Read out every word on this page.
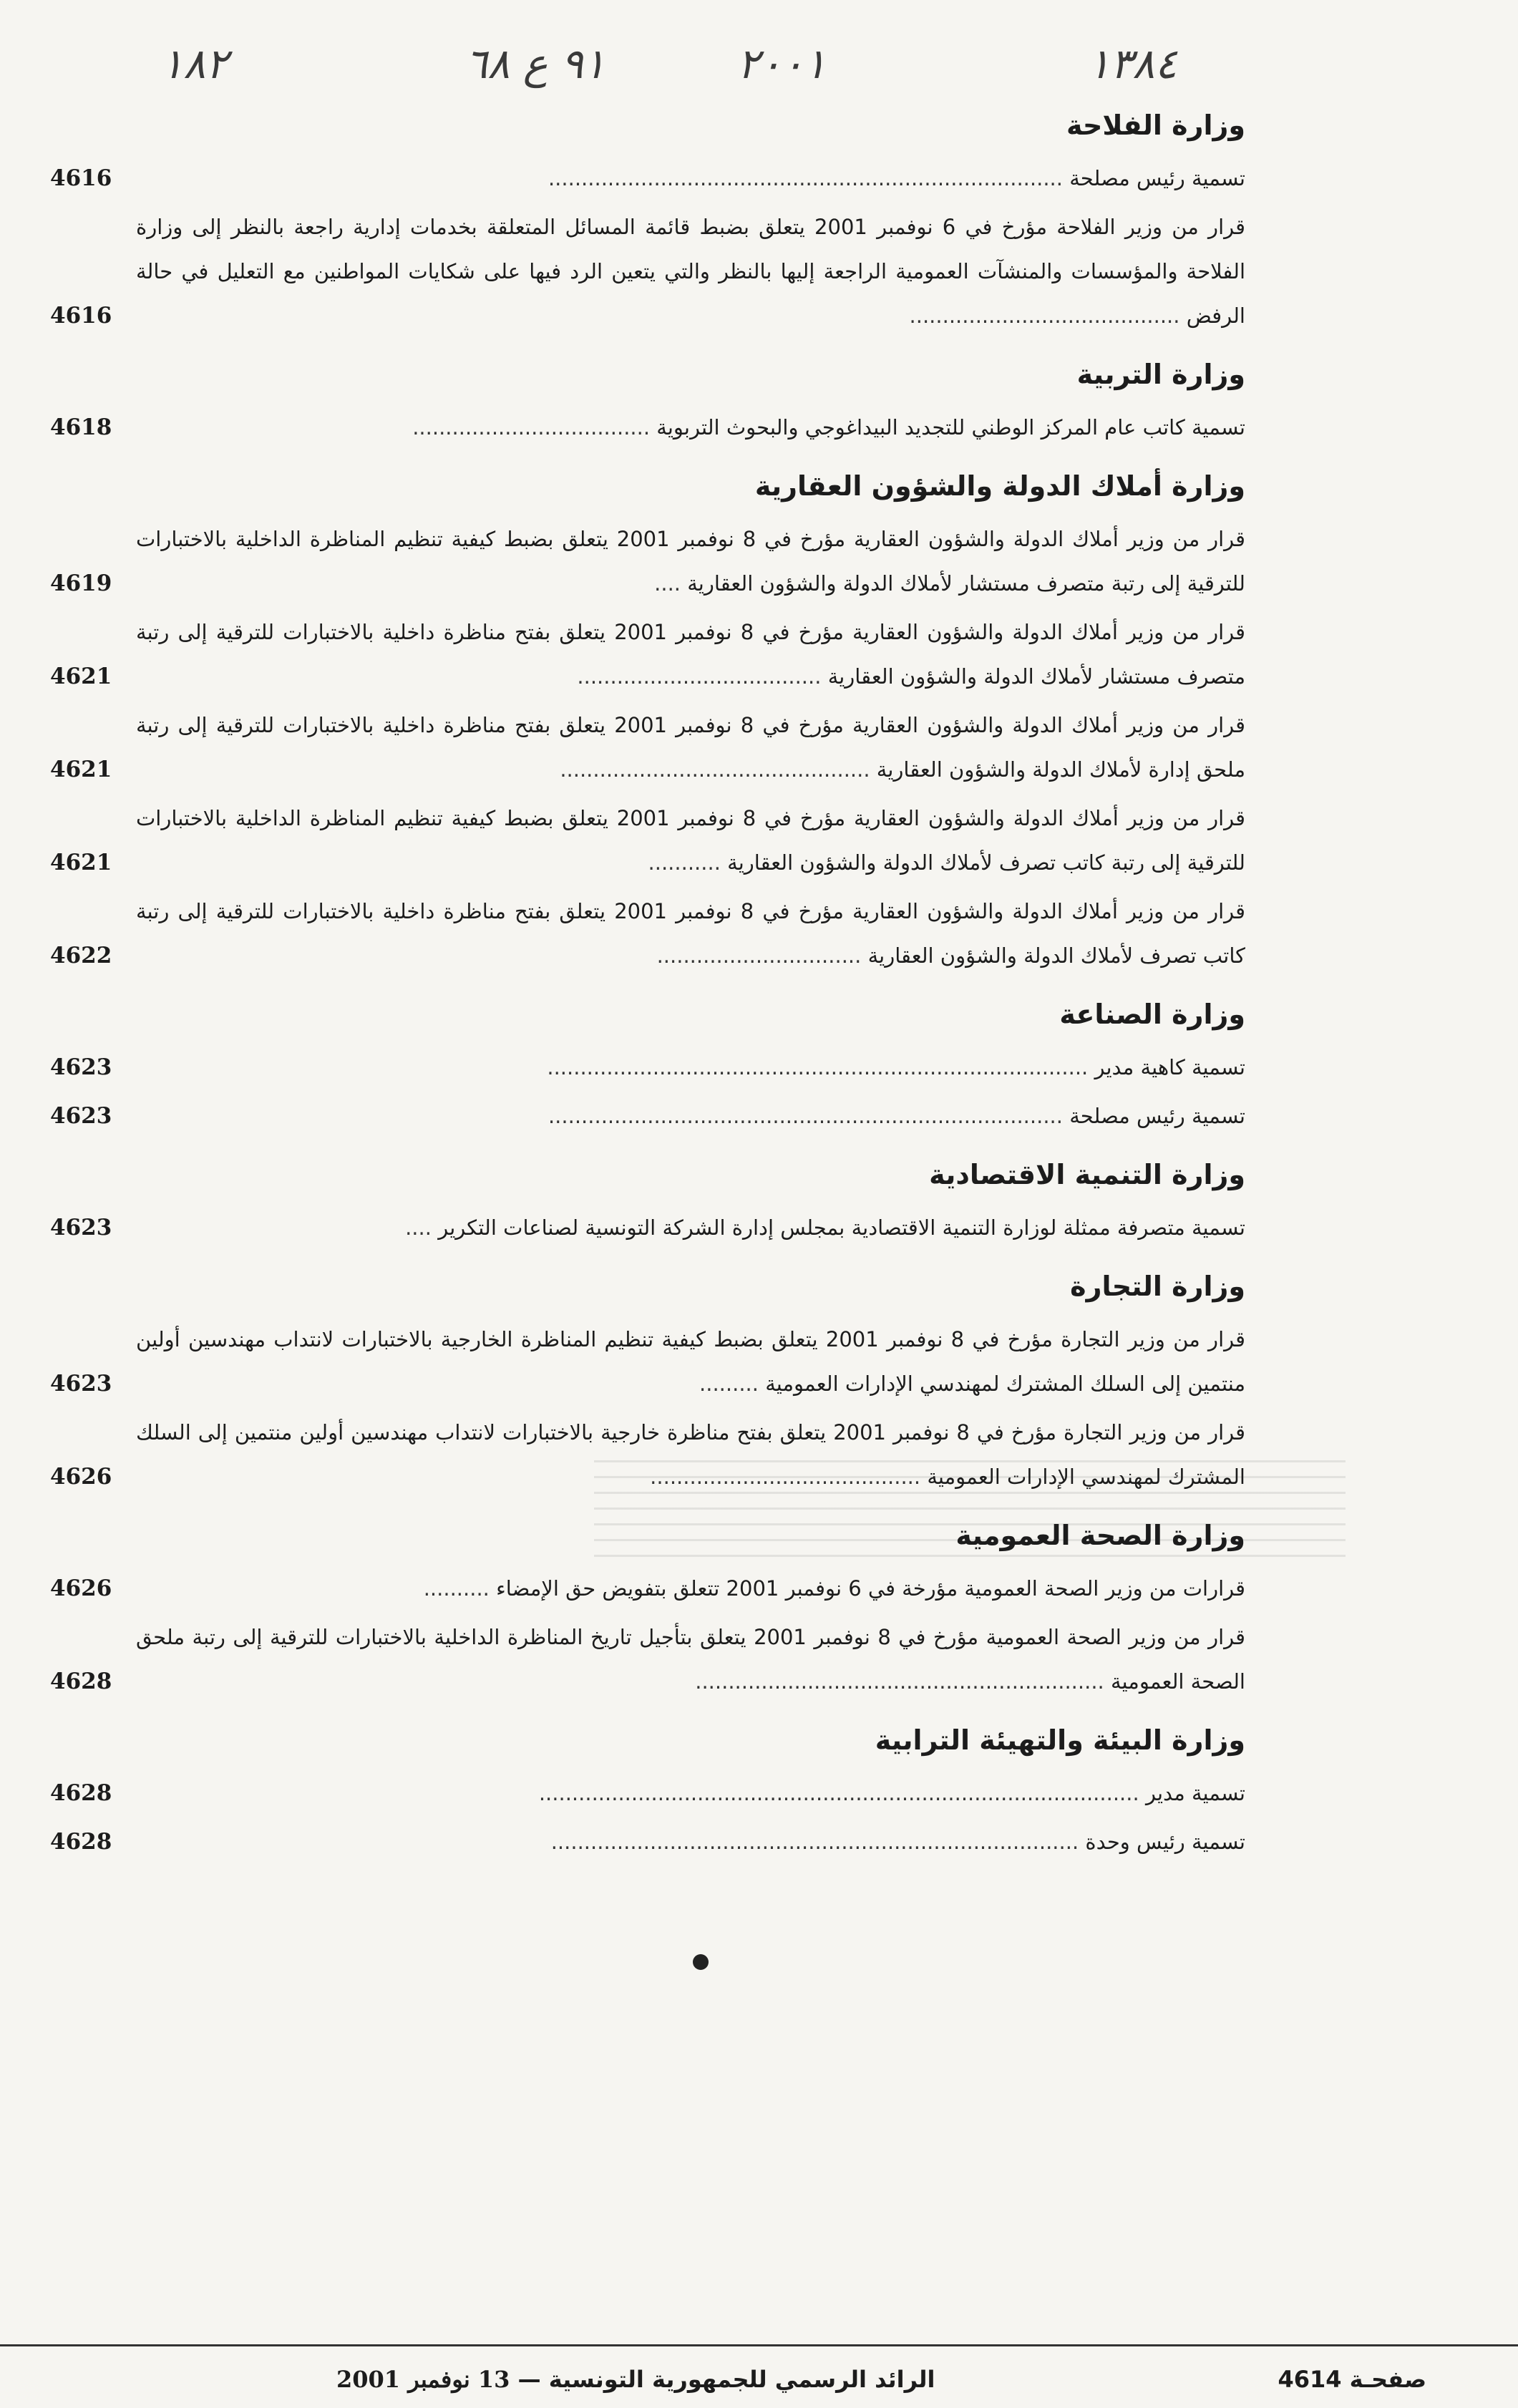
١٨٢	٩١ ع ٦٨	٢٠٠١	١٣٨٤
وزارة الفلاحة
تسمية رئيس مصلحة ..............................................................................
4616
قرار من وزير الفلاحة مؤرخ في 6 نوفمبر 2001 يتعلق بضبط قائمة المسائل المتعلقة بخدمات إدارية راجعة بالنظر إلى وزارة الفلاحة والمؤسسات والمنشآت العمومية الراجعة إليها بالنظر والتي يتعين الرد فيها على شكايات المواطنين مع التعليل في حالة الرفض .........................................
4616
وزارة التربية
تسمية كاتب عام المركز الوطني للتجديد البيداغوجي والبحوث التربوية ....................................
4618
وزارة أملاك الدولة والشؤون العقارية
قرار من وزير أملاك الدولة والشؤون العقارية مؤرخ في 8 نوفمبر 2001 يتعلق بضبط كيفية تنظيم المناظرة الداخلية بالاختبارات للترقية إلى رتبة متصرف مستشار لأملاك الدولة والشؤون العقارية ....
4619
قرار من وزير أملاك الدولة والشؤون العقارية مؤرخ في 8 نوفمبر 2001 يتعلق بفتح مناظرة داخلية بالاختبارات للترقية إلى رتبة متصرف مستشار لأملاك الدولة والشؤون العقارية .....................................
4621
قرار من وزير أملاك الدولة والشؤون العقارية مؤرخ في 8 نوفمبر 2001 يتعلق بفتح مناظرة داخلية بالاختبارات للترقية إلى رتبة ملحق إدارة لأملاك الدولة والشؤون العقارية ...............................................
4621
قرار من وزير أملاك الدولة والشؤون العقارية مؤرخ في 8 نوفمبر 2001 يتعلق بضبط كيفية تنظيم المناظرة الداخلية بالاختبارات للترقية إلى رتبة كاتب تصرف لأملاك الدولة والشؤون العقارية ...........
4621
قرار من وزير أملاك الدولة والشؤون العقارية مؤرخ في 8 نوفمبر 2001 يتعلق بفتح مناظرة داخلية بالاختبارات للترقية إلى رتبة كاتب تصرف لأملاك الدولة والشؤون العقارية ...............................
4622
وزارة الصناعة
تسمية كاهية مدير ..................................................................................
4623
تسمية رئيس مصلحة ..............................................................................
4623
وزارة التنمية الاقتصادية
تسمية متصرفة ممثلة لوزارة التنمية الاقتصادية بمجلس إدارة الشركة التونسية لصناعات التكرير ....
4623
وزارة التجارة
قرار من وزير التجارة مؤرخ في 8 نوفمبر 2001 يتعلق بضبط كيفية تنظيم المناظرة الخارجية بالاختبارات لانتداب مهندسين أولين منتمين إلى السلك المشترك لمهندسي الإدارات العمومية .........
4623
قرار من وزير التجارة مؤرخ في 8 نوفمبر 2001 يتعلق بفتح مناظرة خارجية بالاختبارات لانتداب مهندسين أولين منتمين إلى السلك المشترك لمهندسي الإدارات العمومية .........................................
4626
وزارة الصحة العمومية
قرارات من وزير الصحة العمومية مؤرخة في 6 نوفمبر 2001 تتعلق بتفويض حق الإمضاء ..........
4626
قرار من وزير الصحة العمومية مؤرخ في 8 نوفمبر 2001 يتعلق بتأجيل تاريخ المناظرة الداخلية بالاختبارات للترقية إلى رتبة ملحق الصحة العمومية ..............................................................
4628
وزارة البيئة والتهيئة الترابية
تسمية مدير ...........................................................................................
4628
تسمية رئيس وحدة ................................................................................
4628
صفحـة 4614
الرائد الرسمي للجمهورية التونسية — 13 نوفمبر 2001
